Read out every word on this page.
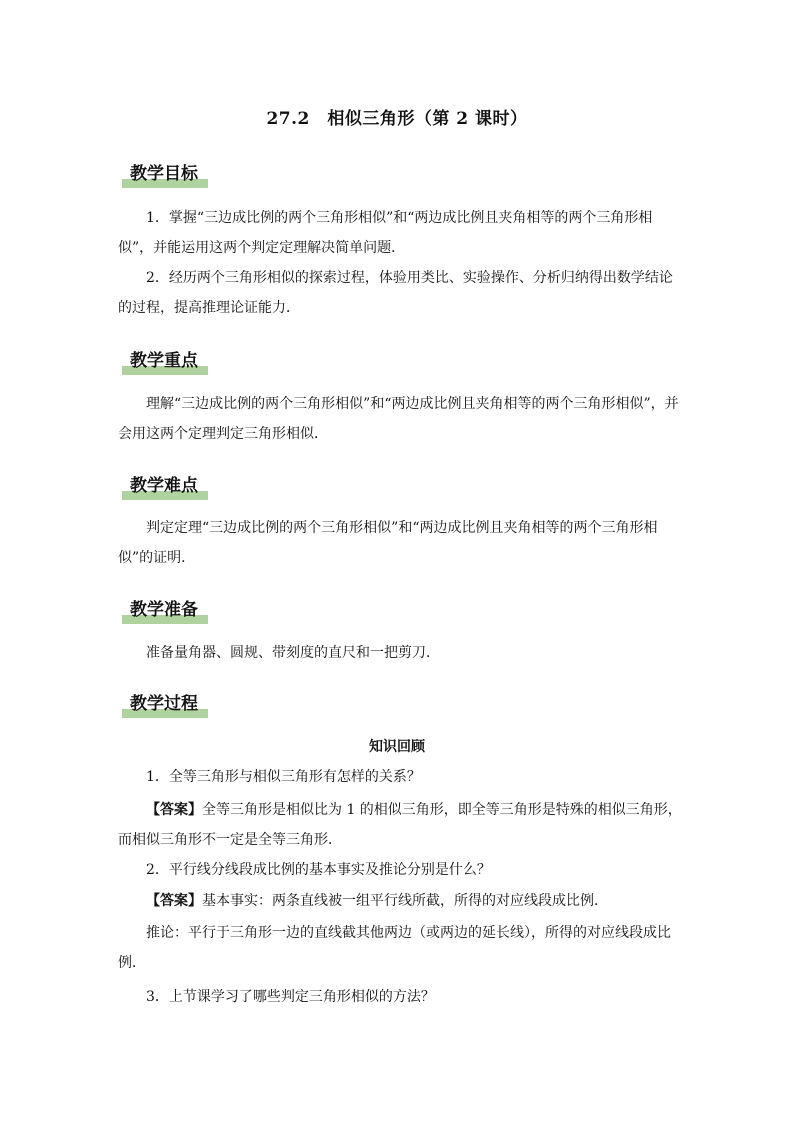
27.2　相似三角形（第 2 课时）
教学目标

1．掌握“三边成比例的两个三角形相似”和“两边成比例且夹角相等的两个三角形相似”，并能运用这两个判定定理解决简单问题．

2．经历两个三角形相似的探索过程，体验用类比、实验操作、分析归纳得出数学结论的过程，提高推理论证能力．

教学重点

理解“三边成比例的两个三角形相似”和“两边成比例且夹角相等的两个三角形相似”，并会用这两个定理判定三角形相似．

教学难点

判定定理“三边成比例的两个三角形相似”和“两边成比例且夹角相等的两个三角形相似”的证明．

教学准备

准备量角器、圆规、带刻度的直尺和一把剪刀．

教学过程
知识回顾

1．全等三角形与相似三角形有怎样的关系？

【答案】全等三角形是相似比为 1 的相似三角形，即全等三角形是特殊的相似三角形，而相似三角形不一定是全等三角形．

2．平行线分线段成比例的基本事实及推论分别是什么？

【答案】基本事实：两条直线被一组平行线所截，所得的对应线段成比例．

推论：平行于三角形一边的直线截其他两边（或两边的延长线），所得的对应线段成比例．

3．上节课学习了哪些判定三角形相似的方法？
